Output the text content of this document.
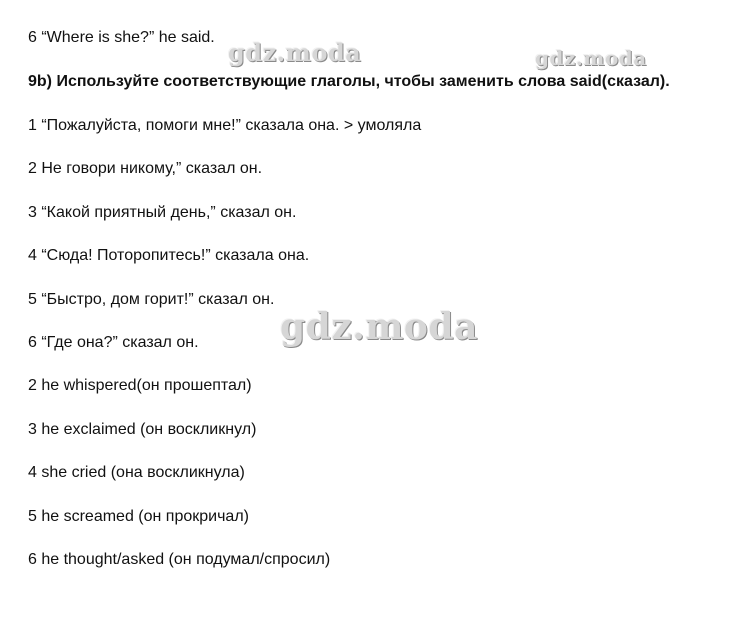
6 “Where is she?” he said.
9b) Используйте соответствующие глаголы, чтобы заменить слова said(сказал).
1 “Пожалуйста, помоги мне!” сказала она. > умоляла
2 Не говори никому,” сказал он.
3 “Какой приятный день,” сказал он.
4 “Сюда! Поторопитесь!” сказала она.
5 “Быстро, дом горит!” сказал он.
6 “Где она?” сказал он.
2 he whispered(он прошептал)
3 he exclaimed (он воскликнул)
4 she cried (она воскликнула)
5 he screamed (он прокричал)
6 he thought/asked (он подумал/спросил)
gdz.moda	gdz.moda
gdz.moda
